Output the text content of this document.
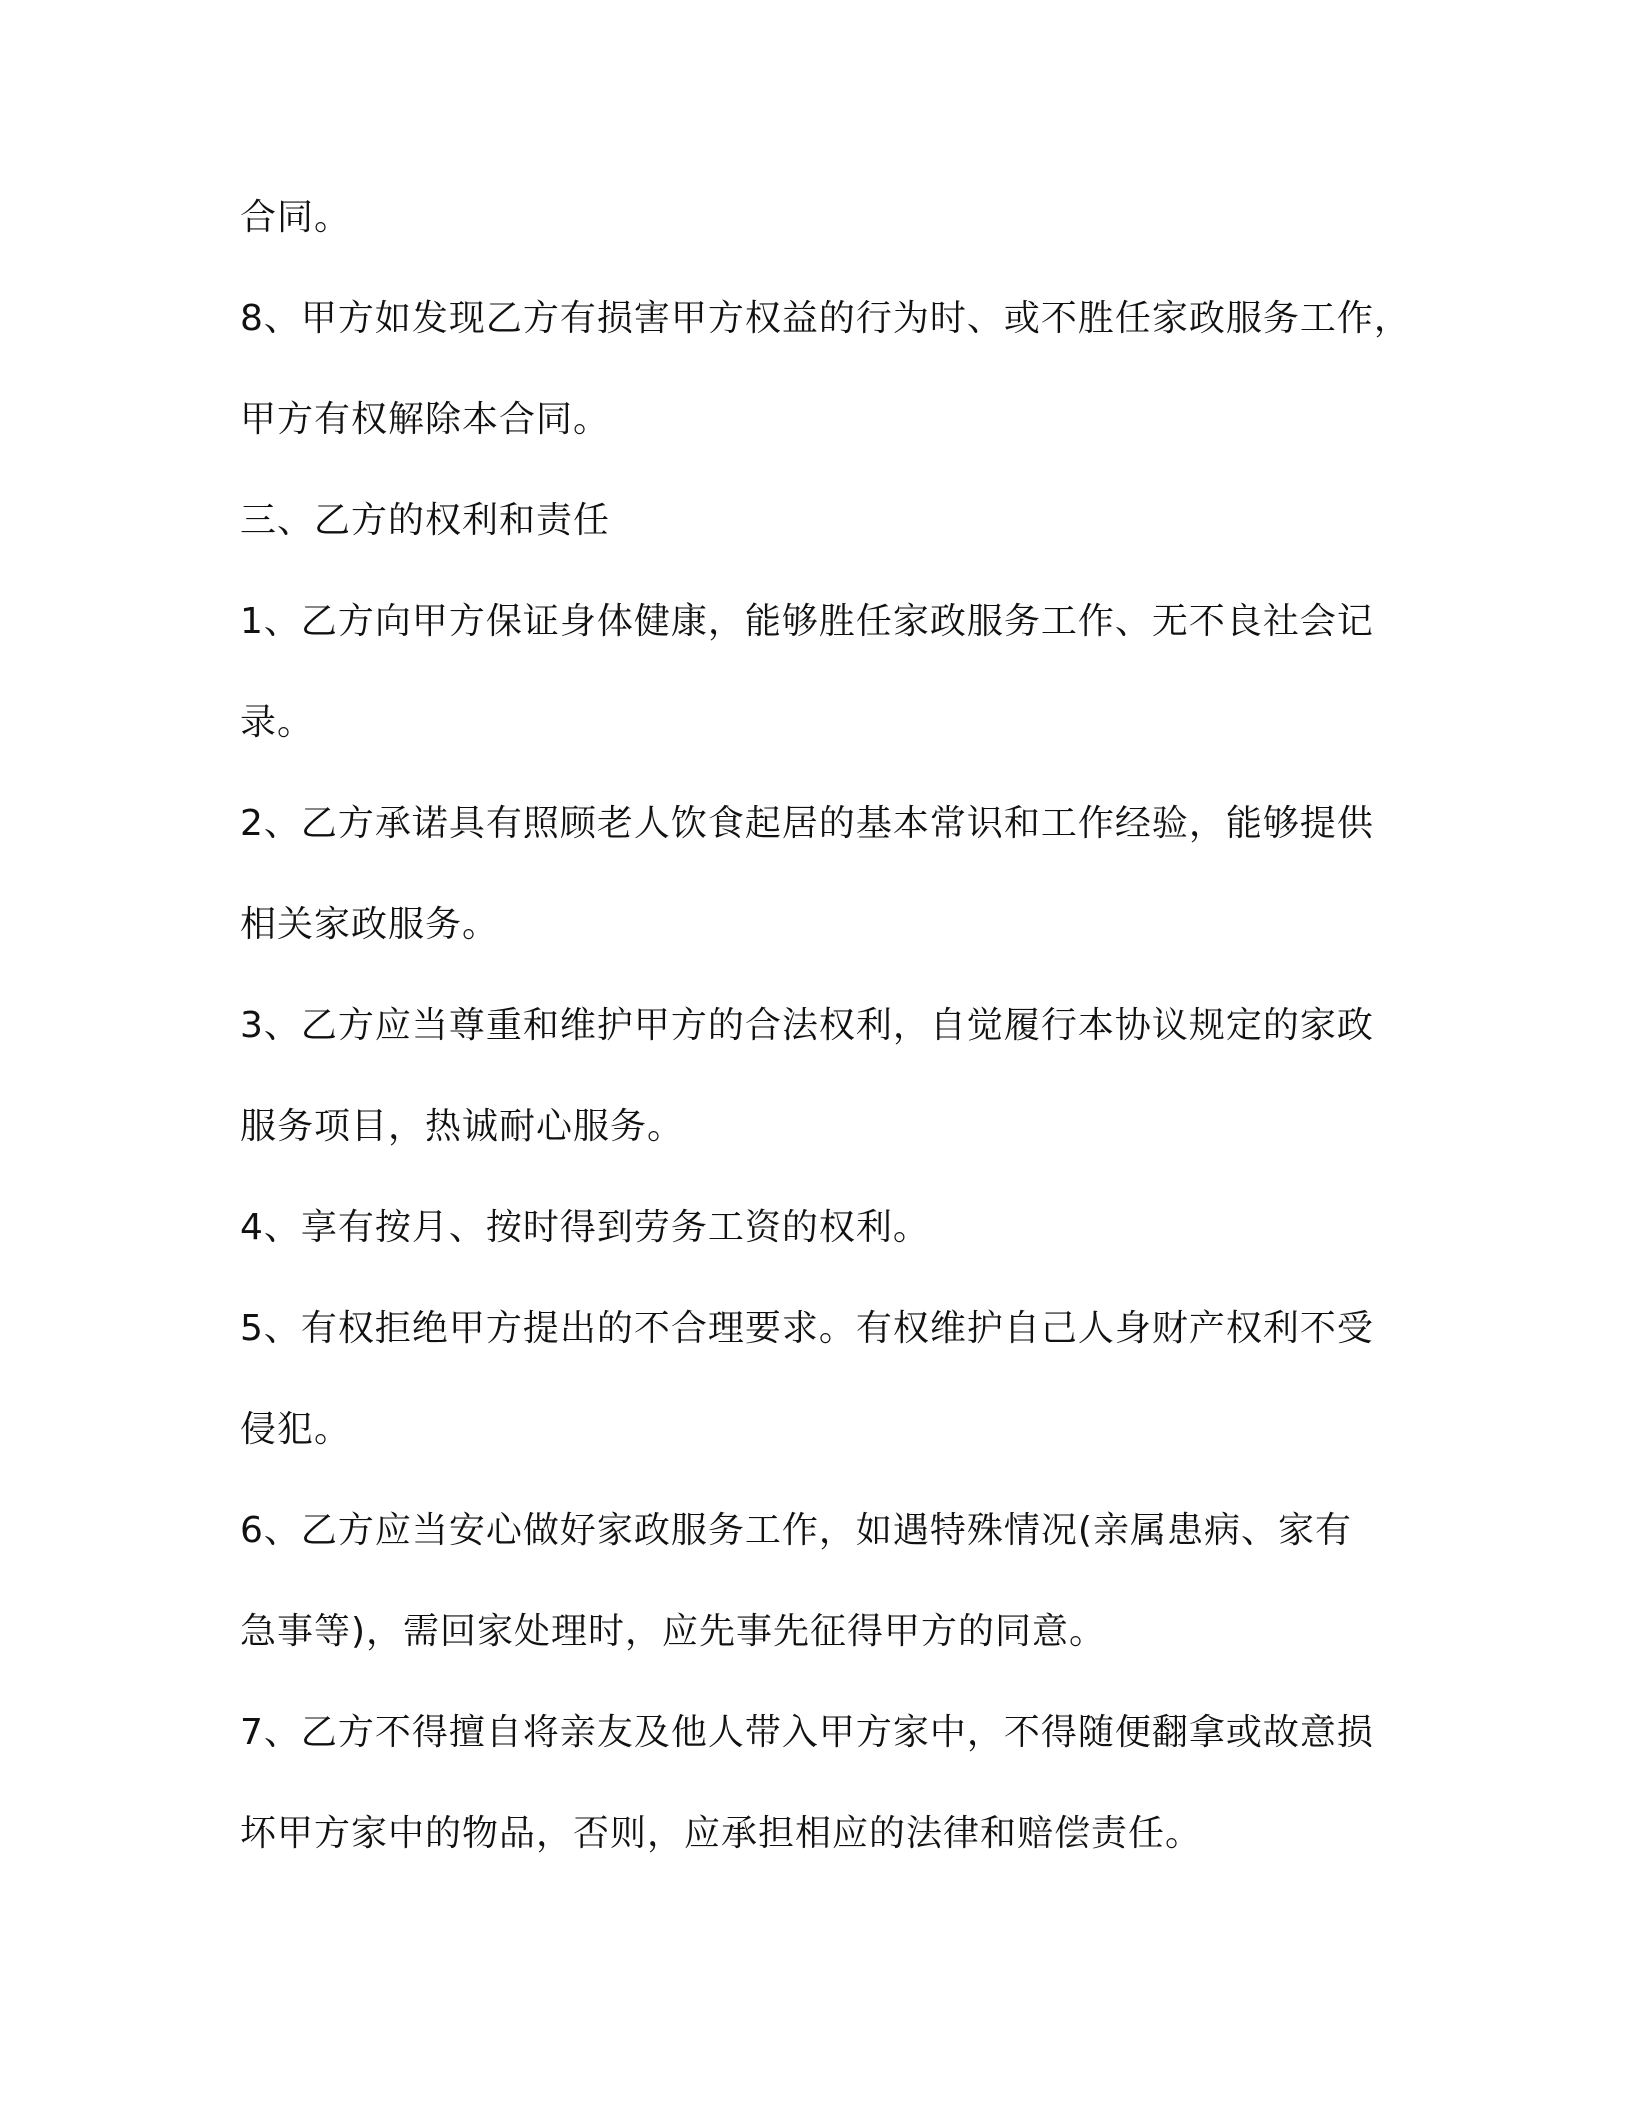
合同。
8、甲方如发现乙方有损害甲方权益的行为时、或不胜任家政服务工作，
甲方有权解除本合同。
三、乙方的权利和责任
1、乙方向甲方保证身体健康，能够胜任家政服务工作、无不良社会记
录。
2、乙方承诺具有照顾老人饮食起居的基本常识和工作经验，能够提供
相关家政服务。
3、乙方应当尊重和维护甲方的合法权利，自觉履行本协议规定的家政
服务项目，热诚耐心服务。
4、享有按月、按时得到劳务工资的权利。
5、有权拒绝甲方提出的不合理要求。有权维护自己人身财产权利不受
侵犯。
6、乙方应当安心做好家政服务工作，如遇特殊情况(亲属患病、家有
急事等)，需回家处理时，应先事先征得甲方的同意。
7、乙方不得擅自将亲友及他人带入甲方家中，不得随便翻拿或故意损
坏甲方家中的物品，否则，应承担相应的法律和赔偿责任。
